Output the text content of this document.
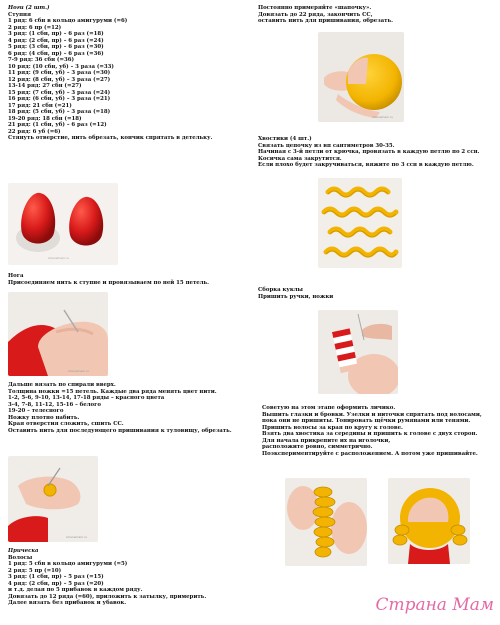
Ноги (2 шт.)
Ступня
1 ряд: 6 сбн в кольцо амигуруми (=6)
2 ряд: 6 пр (=12)
3 ряд: (1 сбн, пр) – 6 раз (=18)
4 ряд: (2 сбн, пр) – 6 раз (=24)
5 ряд: (3 сбн, пр) – 6 раз (=30)
6 ряд: (4 сбн, пр) – 6 раз (=36)
7-9 ряд: 36 сбн (=36)
10 ряд: (10 сбн, уб) – 3 раза (=33)
11 ряд: (9 сбн, уб) – 3 раза (=30)
12 ряд: (8 сбн, уб) – 3 раза (=27)
13-14 ряд: 27 сбн (=27)
15 ряд: (7 сбн, уб) – 3 раза (=24)
16 ряд: (6 сбн, уб) – 3 раза (=21)
17 ряд: 21 сбн (=21)
18 ряд: (5 сбн, уб) – 3 раза (=18)
19-20 ряд: 18 сбн (=18)
21 ряд: (1 сбн, уб) – 6 раз (=12)
22 ряд: 6 уб (=6)
Стянуть отверстие, нить обрезать, кончик спрятать в детельку.
stranamam.ru
Нога
Присоединяем нить к ступне и провязываем по ней 15 петель.
stranamam.ru
Дальше вязать по спирали вверх.
Толщина ножки =15 петель. Каждые два ряда менять цвет нити.
1-2, 5-6, 9-10, 13-14, 17-18 ряды – красного цвета
3-4, 7-8, 11-12, 15-16 – белого
19-20 – телесного
Ножку плотно набить.
Края отверстия сложить, сшить СС.
Оставить нить для последующего пришивания к туловищу, обрезать.
stranamam.ru
Прическа
Волосы
1 ряд: 5 сбн в кольцо амигуруми (=5)
2 ряд: 5 пр (=10)
3 ряд: (1 сбн, пр) – 5 раз (=15)
4 ряд: (2 сбн, пр) – 5 раз (=20)
и т.д. делая по 5 прибавок в каждом ряду.
Довязать до 12 ряда (=60), приложить к затылку, примерить.
Далее вязать без прибавок и убавок.
Постоянно примеряйте «шапочку».
Довязать до 22 ряда, закончить СС,
оставить нить для пришивания, обрезать.
stranamam.ru
Хвостики (4 шт.)
Связать цепочку из вп сантиметров 30-35.
Начиная с 3-й петли от крючка, провязать в каждую петлю по 2 ссн.
Косичка сама закрутится.
Если плохо будет закручиваться, вяжите по 3 ссн в каждую петлю.
Сборка куклы
Пришить ручки, ножки
Советую на этом этапе оформить личико.
Вышить глазки и бровки. Узелки и ниточки спрятать под волосами,
пока они не пришиты. Тонировать щёчки румянами или тенями.
Пришить волосы за края по кругу к голове.
Взять два хвостика за середины и пришить к голове с двух сторон.
Для начала прикрепите их на иголочки,
расположите ровно, симметрично.
Поэкспериментируйте с расположением. А потом уже пришивайте.
Страна Мам
